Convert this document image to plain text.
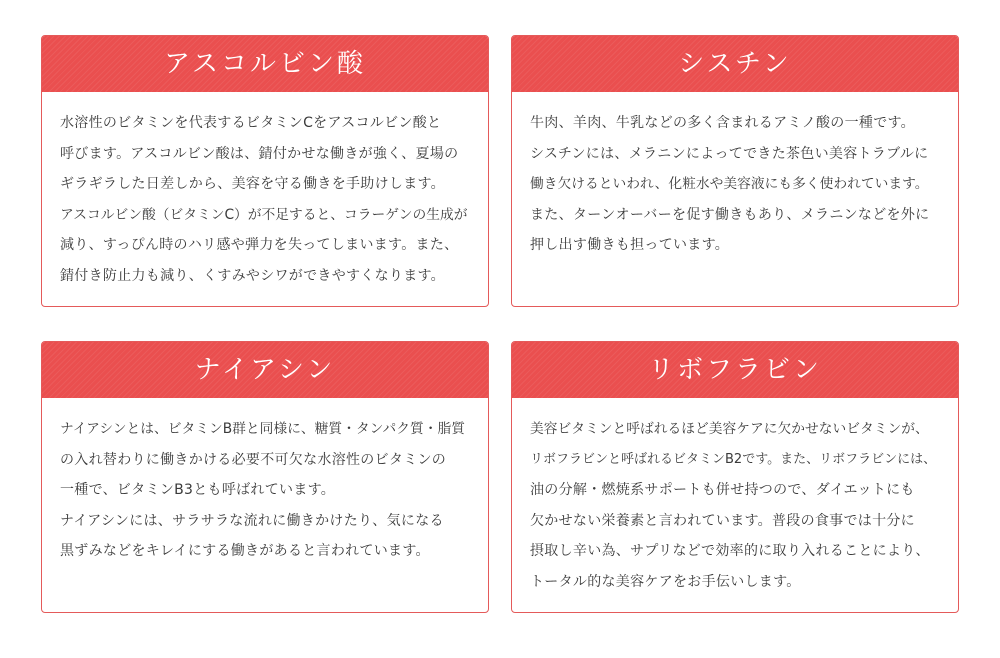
アスコルビン酸

水溶性のビタミンを代表するビタミンCをアスコルビン酸と

呼びます。アスコルビン酸は、錆付かせな働きが強く、夏場の

ギラギラした日差しから、美容を守る働きを手助けします。

アスコルビン酸（ビタミンC）が不足すると、コラーゲンの生成が

減り、すっぴん時のハリ感や弾力を失ってしまいます。また、

錆付き防止力も減り、くすみやシワができやすくなります。

シスチン

牛肉、羊肉、牛乳などの多く含まれるアミノ酸の一種です。

シスチンには、メラニンによってできた茶色い美容トラブルに

働き欠けるといわれ、化粧水や美容液にも多く使われています。

また、ターンオーバーを促す働きもあり、メラニンなどを外に

押し出す働きも担っています。

ナイアシン

ナイアシンとは、ビタミンB群と同様に、糖質・タンパク質・脂質

の入れ替わりに働きかける必要不可欠な水溶性のビタミンの

一種で、ビタミンB3とも呼ばれています。

ナイアシンには、サラサラな流れに働きかけたり、気になる

黒ずみなどをキレイにする働きがあると言われています。

リボフラビン

美容ビタミンと呼ばれるほど美容ケアに欠かせないビタミンが、

リボフラビンと呼ばれるビタミンB2です。また、リボフラビンには、

油の分解・燃焼系サポートも併せ持つので、ダイエットにも

欠かせない栄養素と言われています。普段の食事では十分に

摂取し辛い為、サプリなどで効率的に取り入れることにより、

トータル的な美容ケアをお手伝いします。
